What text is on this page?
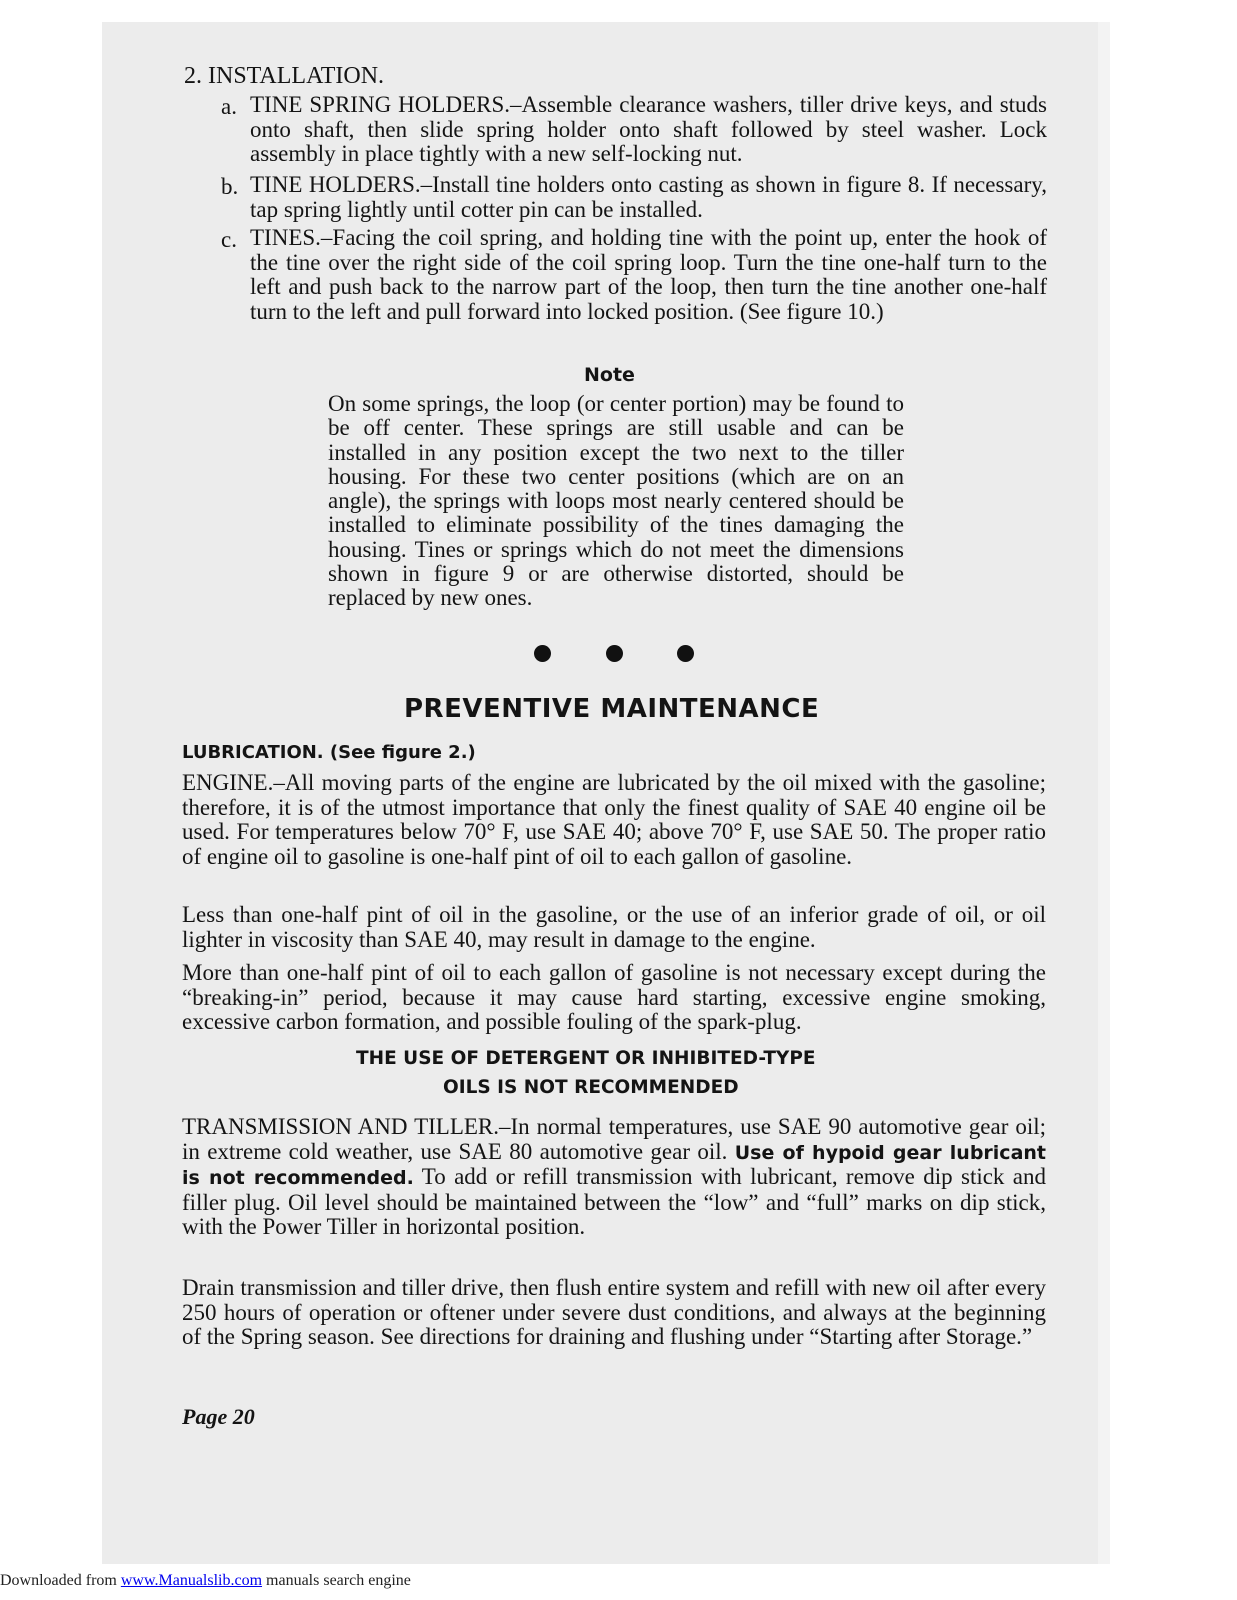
2. INSTALLATION.
a. TINE SPRING HOLDERS.–Assemble clearance washers, tiller drive keys, and studs onto shaft, then slide spring holder onto shaft followed by steel washer. Lock assembly in place tightly with a new self-locking nut.
b. TINE HOLDERS.–Install tine holders onto casting as shown in figure 8. If necessary, tap spring lightly until cotter pin can be installed.
c. TINES.–Facing the coil spring, and holding tine with the point up, enter the hook of the tine over the right side of the coil spring loop. Turn the tine one-half turn to the left and push back to the narrow part of the loop, then turn the tine another one-half turn to the left and pull forward into locked position. (See figure 10.)
Note
On some springs, the loop (or center portion) may be found to be off center. These springs are still usable and can be installed in any position except the two next to the tiller housing. For these two center positions (which are on an angle), the springs with loops most nearly centered should be installed to eliminate possibility of the tines damaging the housing. Tines or springs which do not meet the dimensions shown in figure 9 or are otherwise distorted, should be replaced by new ones.
PREVENTIVE MAINTENANCE
LUBRICATION. (See figure 2.)
ENGINE.–All moving parts of the engine are lubricated by the oil mixed with the gasoline; therefore, it is of the utmost importance that only the finest quality of SAE 40 engine oil be used. For temperatures below 70° F, use SAE 40; above 70° F, use SAE 50. The proper ratio of engine oil to gasoline is one-half pint of oil to each gallon of gasoline.
Less than one-half pint of oil in the gasoline, or the use of an inferior grade of oil, or oil lighter in viscosity than SAE 40, may result in damage to the engine.
More than one-half pint of oil to each gallon of gasoline is not necessary except during the “breaking-in” period, because it may cause hard starting, excessive engine smoking, excessive carbon formation, and possible fouling of the spark-plug.
THE USE OF DETERGENT OR INHIBITED-TYPE
OILS IS NOT RECOMMENDED
TRANSMISSION AND TILLER.–In normal temperatures, use SAE 90 automotive gear oil; in extreme cold weather, use SAE 80 automotive gear oil. Use of hypoid gear lubricant is not recommended. To add or refill transmission with lubricant, remove dip stick and filler plug. Oil level should be maintained between the “low” and “full” marks on dip stick, with the Power Tiller in horizontal position.
Drain transmission and tiller drive, then flush entire system and refill with new oil after every 250 hours of operation or oftener under severe dust conditions, and always at the beginning of the Spring season. See directions for draining and flushing under “Starting after Storage.”
Page 20
Downloaded from www.Manualslib.com manuals search engine
